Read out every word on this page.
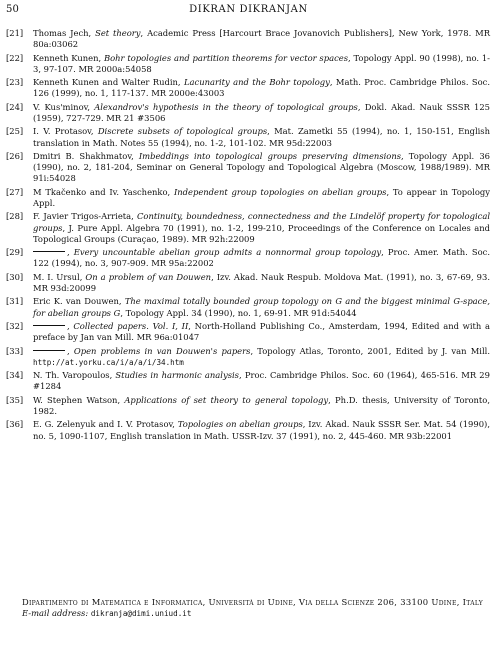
50	DIKRAN DIKRANJAN
[21] Thomas Jech, Set theory, Academic Press [Harcourt Brace Jovanovich Publishers], New York, 1978. MR 80a:03062
[22] Kenneth Kunen, Bohr topologies and partition theorems for vector spaces, Topology Appl. 90 (1998), no. 1-3, 97-107. MR 2000a:54058
[23] Kenneth Kunen and Walter Rudin, Lacunarity and the Bohr topology, Math. Proc. Cambridge Philos. Soc. 126 (1999), no. 1, 117-137. MR 2000e:43003
[24] V. Kus'minov, Alexandrov's hypothesis in the theory of topological groups, Dokl. Akad. Nauk SSSR 125 (1959), 727-729. MR 21 #3506
[25] I. V. Protasov, Discrete subsets of topological groups, Mat. Zametki 55 (1994), no. 1, 150-151, English translation in Math. Notes 55 (1994), no. 1-2, 101-102. MR 95d:22003
[26] Dmitri B. Shakhmatov, Imbeddings into topological groups preserving dimensions, Topology Appl. 36 (1990), no. 2, 181-204, Seminar on General Topology and Topological Algebra (Moscow, 1988/1989). MR 91i:54028
[27] M Tkačenko and Iv. Yaschenko, Independent group topologies on abelian groups, To appear in Topology Appl.
[28] F. Javier Trigos-Arrieta, Continuity, boundedness, connectedness and the Lindelöf property for topological groups, J. Pure Appl. Algebra 70 (1991), no. 1-2, 199-210, Proceedings of the Conference on Locales and Topological Groups (Curaçao, 1989). MR 92h:22009
[29]	, Every uncountable abelian group admits a nonnormal group topology, Proc. Amer. Math. Soc. 122 (1994), no. 3, 907-909. MR 95a:22002
[30] M. I. Ursul, On a problem of van Douwen, Izv. Akad. Nauk Respub. Moldova Mat. (1991), no. 3, 67-69, 93. MR 93d:20099
[31] Eric K. van Douwen, The maximal totally bounded group topology on G and the biggest minimal G-space, for abelian groups G, Topology Appl. 34 (1990), no. 1, 69-91. MR 91d:54044
[32]	, Collected papers. Vol. I, II, North-Holland Publishing Co., Amsterdam, 1994, Edited and with a preface by Jan van Mill. MR 96a:01047
[33]	, Open problems in van Douwen's papers, Topology Atlas, Toronto, 2001, Edited by J. van Mill. http://at.yorku.ca/i/a/a/i/34.htm
[34] N. Th. Varopoulos, Studies in harmonic analysis, Proc. Cambridge Philos. Soc. 60 (1964), 465-516. MR 29 #1284
[35] W. Stephen Watson, Applications of set theory to general topology, Ph.D. thesis, University of Toronto, 1982.
[36] E. G. Zelenyuk and I. V. Protasov, Topologies on abelian groups, Izv. Akad. Nauk SSSR Ser. Mat. 54 (1990), no. 5, 1090-1107, English translation in Math. USSR-Izv. 37 (1991), no. 2, 445-460. MR 93b:22001
Dipartimento di Matematica e Informatica, Università di Udine, Via della Scienze 206, 33100 Udine, Italy
E-mail address: dikranja@dimi.uniud.it
